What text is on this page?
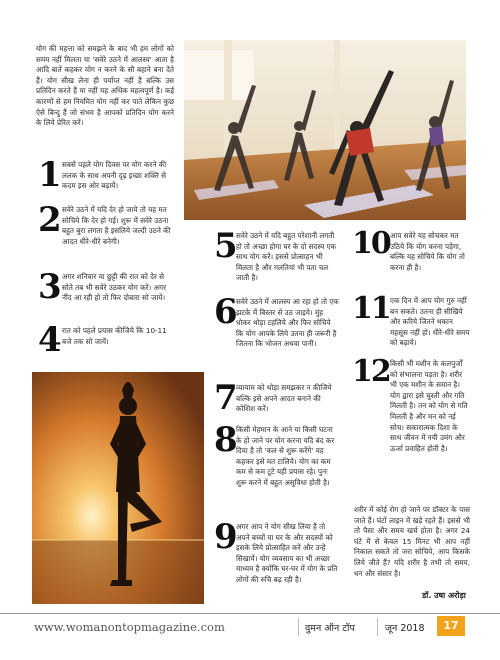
योग की महत्ता को समझने के बाद भी हम लोगों को समय नहीं मिलता या 'सवेरे उठने में आलस्य' आता है आदि बातें कहकर योग न करने के सौ बहाने बना देते हैं। योग सीख लेना ही पर्याप्त नहीं है बल्कि उस प्रतिदिन करते हैं या नहीं यह अधिक महत्वपूर्ण है। कई कारणों से हम नियमित योग नहीं कर पाते लेकिन कुछ ऐसे बिन्दु हैं जो संभव है आपको प्रतिदिन योग करने के लिये प्रेरित करें।
1 सबसे पहले योग दिवस पर योग करने की ललक के साथ अपनी दृढ़ इच्छा शक्ति से कदम इस ओर बढ़ायें।
2 सवेरे उठने में यदि देर हो जाये तो यह मत सोचिये कि देर हो गई। शुरू में सवेरे उठना बहुत बुरा लगता है इसलिये जल्दी उठने की आदत धीरे-धीरे बनेगी।
3 अगर शनिवार या छुट्टी की रात को देर से सोते तब भी सवेरे उठकर योग करें। अगर नींद आ रही हो तो फिर दोबारा सो जायें।
4 रात को पहले प्रयास कीजिये कि 10-11 बजे तक सो जायें।
5
सवेरे उठने में यदि बहुत परेशानी लगती हो तो अच्छा होगा घर के दो सदस्य एक साथ योग करें। इससे प्रोत्साहन भी मिलता है और गलतियां भी पता चल जाती है।
6
सवेरे उठने में आलस्य आ रहा हो तो एक झटके में बिस्तर से उठ जाइये। मुंह धोकर थोड़ा टहलिये और फिर सोचिये कि योग आपके लिये उतना ही जरूरी है जितना कि भोजन अथवा पानी।
7
व्यायाम को थोड़ा समझकर न कीजिये बल्कि इसे अपने आदत बनाने की कोशिश करें।
8
किसी मेहमान के आने या किसी घटना के हो जाने पर योग करना यदि बंद कर दिया है तो 'कल से शुरू करेंगे' यह कहकर इसे मत टालिये। योग का कम कम से कम टूटे यही प्रयास रहे। पुनः शुरू करने में बहुत असुविधा होती है।
9
अगर आप ने योग सीख लिया है तो अपने बच्चों या घर के और सदस्यों को इसके लिये प्रोत्साहित करें और उन्हें सिखायें। योग व्यवसाय का भी अच्छा माध्यम है क्योंकि घर-घर में योग के प्रति लोगों की रुचि बढ़ रही है।
10 आप सवेरे यह सोचकर मत उठिये कि योग करना पड़ेगा, बल्कि यह सोचिये कि योग तो करना ही है।
11 एक दिन में आप योग गुरु नहीं बन सकते। उतना ही सीखिये और करिये जितने थकान महसूस नहीं हो। धीरे-धीरे समय को बढ़ाये।
12 किसी भी मशीन के कलपुर्जों को संभालना पड़ता है। शरीर भी एक मशीन के समान है। योग द्वारा इसे चुस्ती और गति मिलती है। तन को योग से गति मिलती है और मन को नई सोच। सकारात्मक दिशा के साथ जीवन में नयी उमंग और ऊर्जा प्रवाहित होती है।
शरीर में कोई रोग हो जाने पर डॉक्टर के पास जाते हैं। घंटों लाइन में खड़े रहते हैं। इससे भी तो पैसा और समय खर्च होता है। अगर 24 घंटे में से केवल 15 मिनट भी आप नहीं निकाल सकते तो जरा सोचिये, आप किसके लिये जीते हैं? यदि शरीर है तभी तो समय, धन और संसार है।
डॉ. उषा अरोड़ा
www.womanontopmagazine.com	वुमन ऑन टॉप	जून 2018	17
